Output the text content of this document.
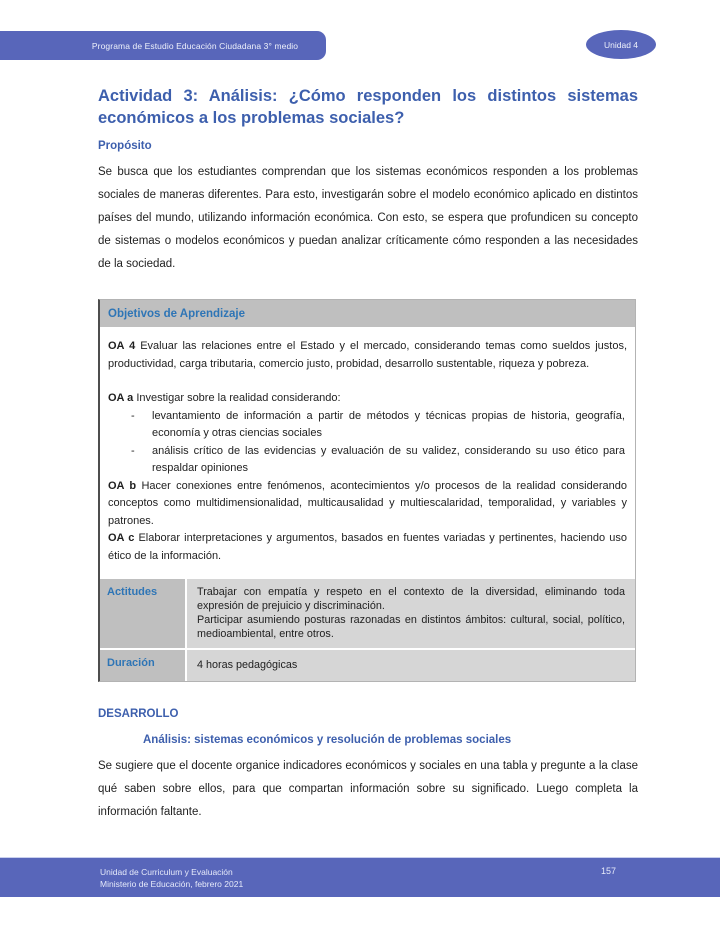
Programa de Estudio Educación Ciudadana 3° medio	Unidad 4
Actividad 3: Análisis: ¿Cómo responden los distintos sistemas
económicos a los problemas sociales?
Propósito

Se busca que los estudiantes comprendan que los sistemas económicos responden a los problemas sociales de maneras diferentes. Para esto, investigarán sobre el modelo económico aplicado en distintos países del mundo, utilizando información económica. Con esto, se espera que profundicen su concepto de sistemas o modelos económicos y puedan analizar críticamente cómo responden a las necesidades de la sociedad.

Objetivos de Aprendizaje

OA 4 Evaluar las relaciones entre el Estado y el mercado, considerando temas como sueldos justos, productividad, carga tributaria, comercio justo, probidad, desarrollo sustentable, riqueza y pobreza.

OA a Investigar sobre la realidad considerando:

-	levantamiento de información a partir de métodos y técnicas propias de historia, geografía, economía y otras ciencias sociales
-	análisis crítico de las evidencias y evaluación de su validez, considerando su uso ético para respaldar opiniones

OA b Hacer conexiones entre fenómenos, acontecimientos y/o procesos de la realidad considerando conceptos como multidimensionalidad, multicausalidad y multiescalaridad, temporalidad, y variables y patrones.

OA c Elaborar interpretaciones y argumentos, basados en fuentes variadas y pertinentes, haciendo uso ético de la información.

Actitudes	Trabajar con empatía y respeto en el contexto de la diversidad, eliminando toda expresión de prejuicio y discriminación.
Participar asumiendo posturas razonadas en distintos ámbitos: cultural, social, político, medioambiental, entre otros.
Duración	4 horas pedagógicas
DESARROLLO
Análisis: sistemas económicos y resolución de problemas sociales

Se sugiere que el docente organice indicadores económicos y sociales en una tabla y pregunte a la clase qué saben sobre ellos, para que compartan información sobre su significado. Luego completa la información faltante.

Unidad de Curriculum y Evaluación
Ministerio de Educación, febrero 2021
157
